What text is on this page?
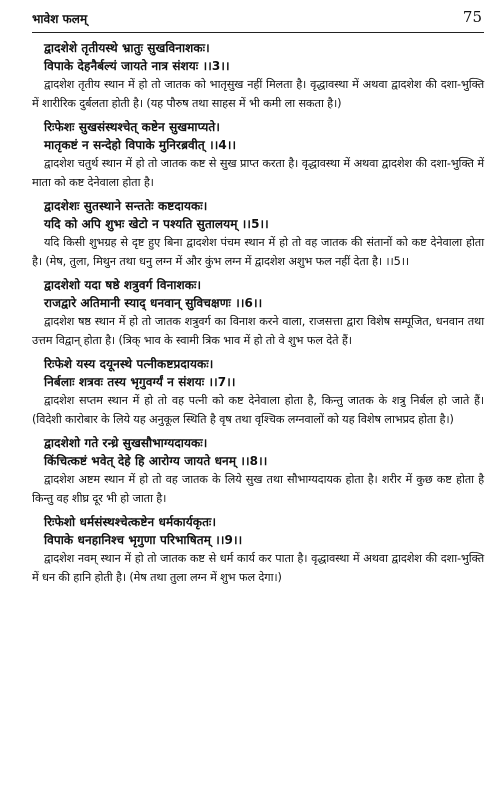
भावेश फलम्	75
द्वादशेशे तृतीयस्थे भ्रातुः सुखविनाशकः।
विपाके देहनैर्बल्यं जायते नात्र संशयः ।।3।।

द्वादशेश तृतीय स्थान में हो तो जातक को भातृसुख नहीं मिलता है। वृद्धावस्था में अथवा द्वादशेश की दशा-भुक्ति में शारीरिक दुर्बलता होती है। (यह पौरुष तथा साहस में भी कमी ला सकता है।)

रिःफेशः सुखसंस्थश्चेत् कष्टेन सुखमाप्यते।
मातृकष्टं न सन्देहो विपाके मुनिरब्रवीत् ।।4।।

द्वादशेश चतुर्थ स्थान में हो तो जातक कष्ट से सुख प्राप्त करता है। वृद्धावस्था में अथवा द्वादशेश की दशा-भुक्ति में माता को कष्ट देनेवाला होता है।

द्वादशेशः सुतस्थाने सन्ततेः कष्टदायकः।
यदि को अपि शुभः खेटो न पश्यति सुतालयम् ।।5।।

यदि किसी शुभग्रह से दृष्ट हुए बिना द्वादशेश पंचम स्थान में हो तो वह जातक की संतानों को कष्ट देनेवाला होता है। (मेष, तुला, मिथुन तथा धनु लग्न में और कुंभ लग्न में द्वादशेश अशुभ फल नहीं देता है। ।।5।।

द्वादशेशो यदा षष्ठे शत्रुवर्ग विनाशकः।
राजद्वारे अतिमानी स्याद् धनवान् सुविचक्षणः ।।6।।

द्वादशेश षष्ठ स्थान में हो तो जातक शत्रुवर्ग का विनाश करने वाला, राजसत्ता द्वारा विशेष सम्पूजित, धनवान तथा उत्तम विद्वान् होता है। (त्रिक् भाव के स्वामी त्रिक भाव में हो तो वे शुभ फल देते हैं।

रिःफेशे यस्य दयूनस्थे पत्नीकष्टप्रदायकः।
निर्बलाः शत्रवः तस्य भृगुवर्ग्यं न संशयः ।।7।।

द्वादशेश सप्तम स्थान में हो तो वह पत्नी को कष्ट देनेवाला होता है, किन्तु जातक के शत्रु निर्बल हो जाते हैं। (विदेशी कारोबार के लिये यह अनुकूल स्थिति है वृष तथा वृश्चिक लग्नवालों को यह विशेष लाभप्रद होता है।)

द्वादशेशो गते रन्ध्रे सुखसौभाग्यदायकः।
किंचित्कष्टं भवेत् देहे हि आरोग्य जायते धनम् ।।8।।

द्वादशेश अष्टम स्थान में हो तो वह जातक के लिये सुख तथा सौभाग्यदायक होता है। शरीर में कुछ कष्ट होता है किन्तु वह शीघ्र दूर भी हो जाता है।

रिःफेशो धर्मसंस्थश्चेत्कष्टेन धर्मकार्यकृतः।
विपाके धनहानिश्च भृगुणा परिभाषितम् ।।9।।

द्वादशेश नवम् स्थान में हो तो जातक कष्ट से धर्म कार्य कर पाता है। वृद्धावस्था में अथवा द्वादशेश की दशा-भुक्ति में धन की हानि होती है। (मेष तथा तुला लग्न में शुभ फल देगा।)
